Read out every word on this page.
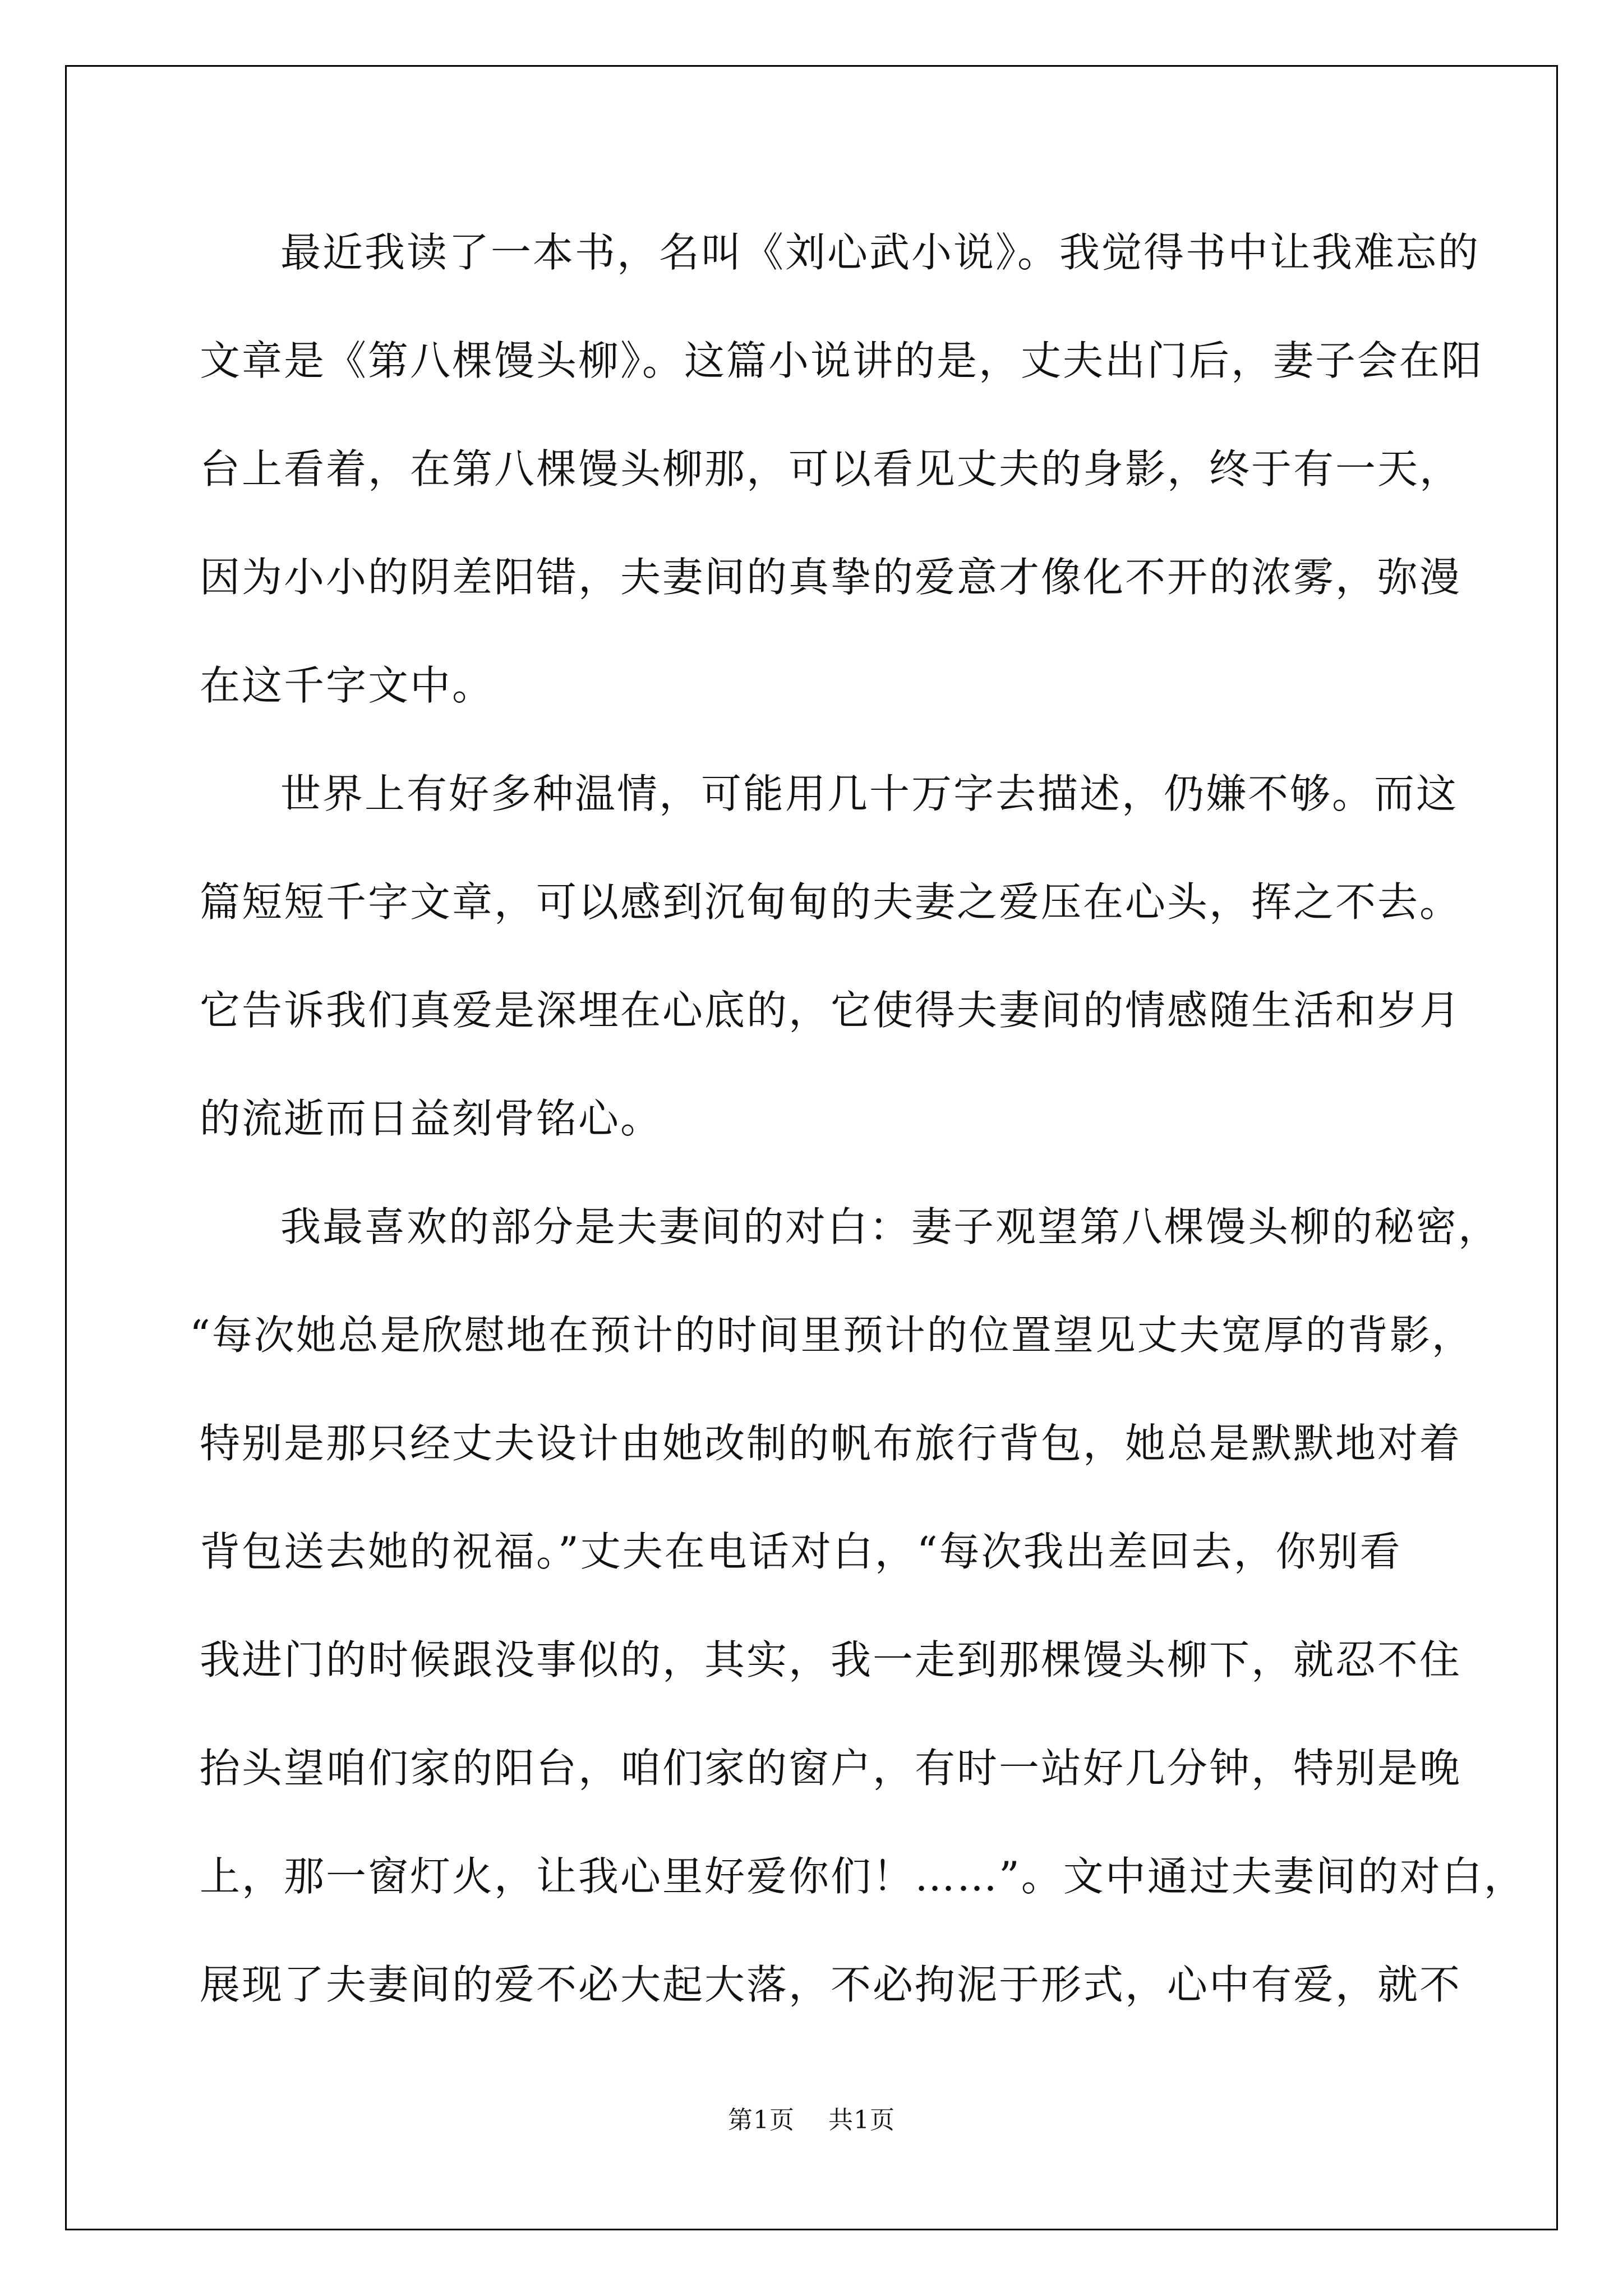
最近我读了一本书，名叫《刘心武小说》。我觉得书中让我难忘的
文章是《第八棵馒头柳》。这篇小说讲的是，丈夫出门后，妻子会在阳
台上看着，在第八棵馒头柳那，可以看见丈夫的身影，终于有一天，
因为小小的阴差阳错，夫妻间的真挚的爱意才像化不开的浓雾，弥漫
在这千字文中。
世界上有好多种温情，可能用几十万字去描述，仍嫌不够。而这
篇短短千字文章，可以感到沉甸甸的夫妻之爱压在心头，挥之不去。
它告诉我们真爱是深埋在心底的，它使得夫妻间的情感随生活和岁月
的流逝而日益刻骨铭心。
我最喜欢的部分是夫妻间的对白：妻子观望第八棵馒头柳的秘密，
“每次她总是欣慰地在预计的时间里预计的位置望见丈夫宽厚的背影，
特别是那只经丈夫设计由她改制的帆布旅行背包，她总是默默地对着
背包送去她的祝福。”丈夫在电话对白，“每次我出差回去，你别看
我进门的时候跟没事似的，其实，我一走到那棵馒头柳下，就忍不住
抬头望咱们家的阳台，咱们家的窗户，有时一站好几分钟，特别是晚
上，那一窗灯火，让我心里好爱你们！……”。文中通过夫妻间的对白，
展现了夫妻间的爱不必大起大落，不必拘泥于形式，心中有爱，就不
第1页 共1页
